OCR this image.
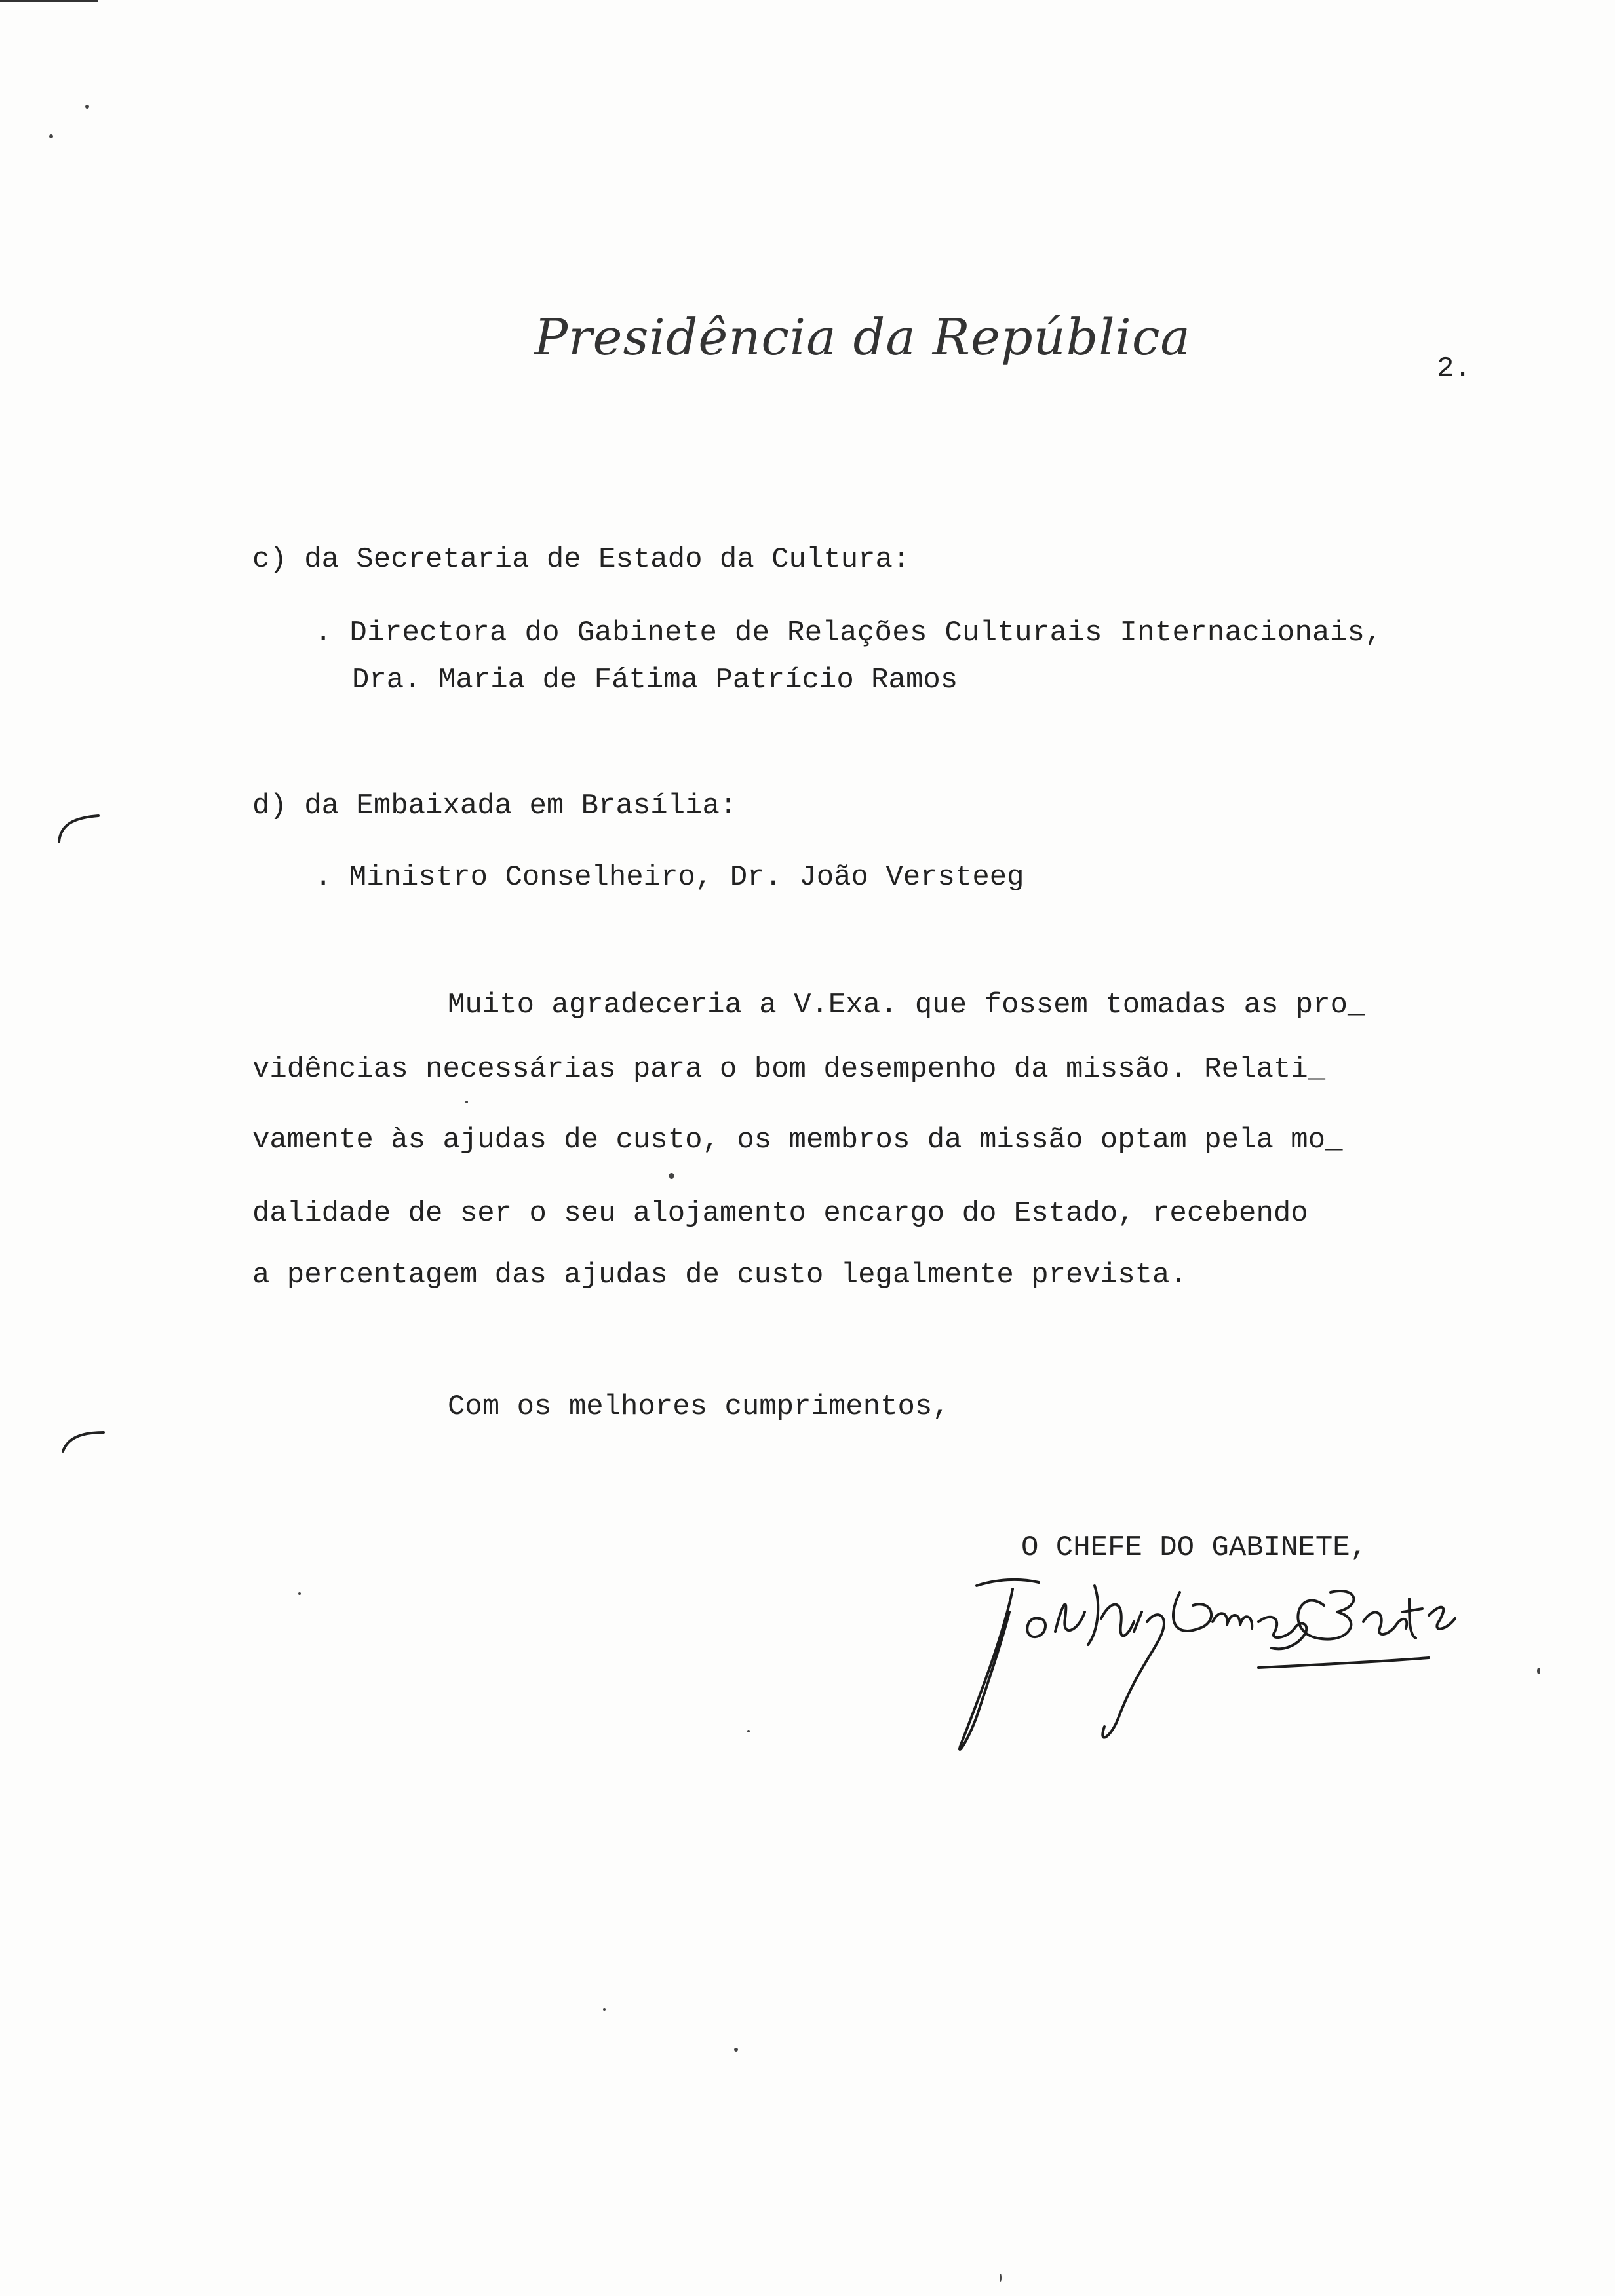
Presidência da República
2.
c) da Secretaria de Estado da Cultura:
. Directora do Gabinete de Relações Culturais Internacionais,
Dra. Maria de Fátima Patrício Ramos
d) da Embaixada em Brasília:
. Ministro Conselheiro, Dr. João Versteeg
Muito agradeceria a V.Exa. que fossem tomadas as pro_
vidências necessárias para o bom desempenho da missão. Relati_
vamente às ajudas de custo, os membros da missão optam pela mo_
dalidade de ser o seu alojamento encargo do Estado, recebendo
a percentagem das ajudas de custo legalmente prevista.
Com os melhores cumprimentos,
O CHEFE DO GABINETE,
